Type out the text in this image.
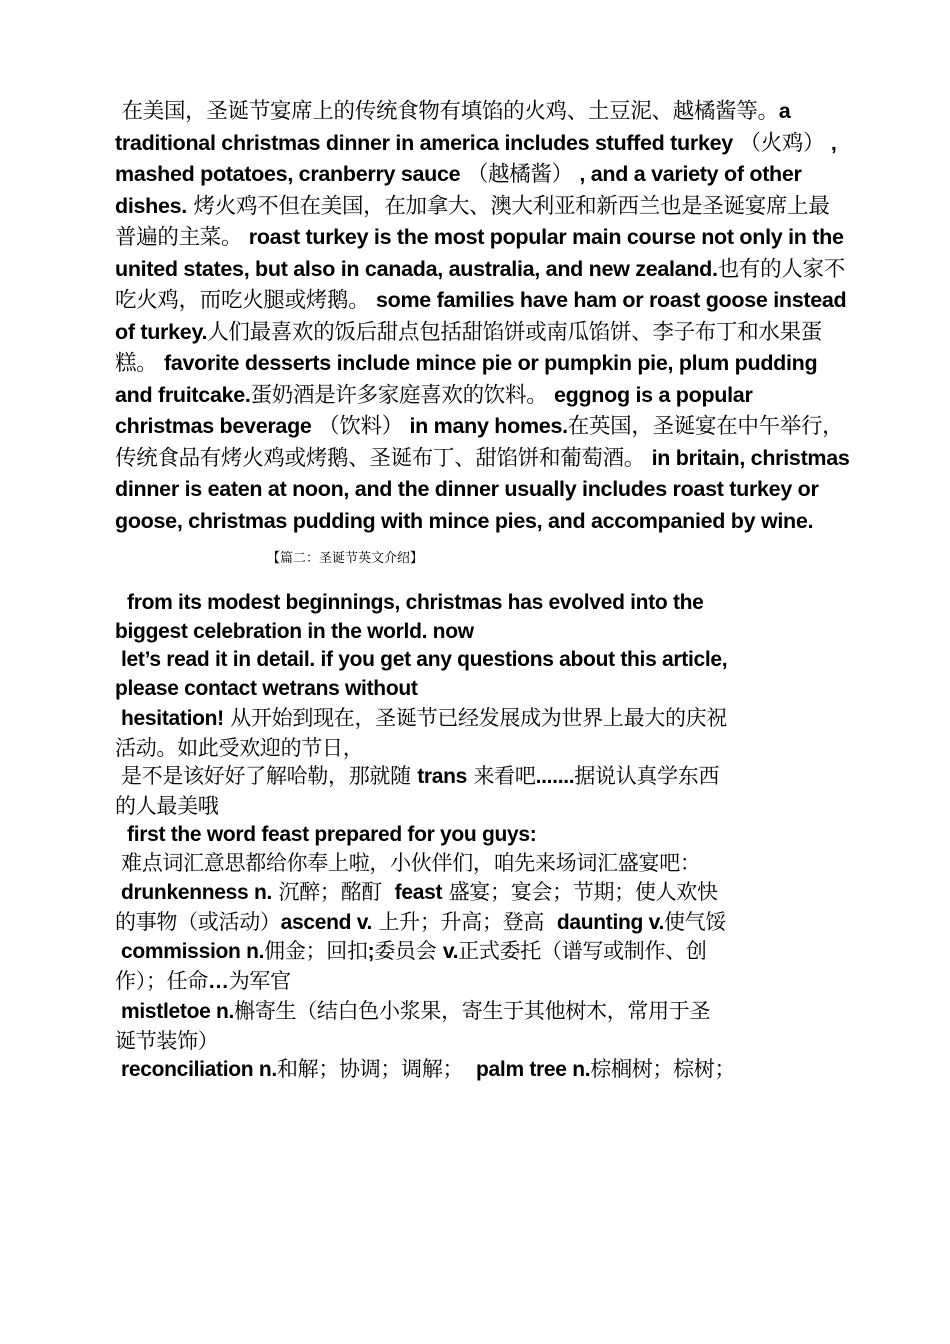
在美国，圣诞节宴席上的传统食物有填馅的火鸡、土豆泥、越橘酱等。a traditional christmas dinner in america includes stuffed turkey （火鸡） , mashed potatoes, cranberry sauce （越橘酱） , and a variety of other dishes. 烤火鸡不但在美国，在加拿大、澳大利亚和新西兰也是圣诞宴席上最普遍的主菜。 roast turkey is the most popular main course not only in the united states, but also in canada, australia, and new zealand.也有的人家不吃火鸡，而吃火腿或烤鹅。 some families have ham or roast goose instead of turkey.人们最喜欢的饭后甜点包括甜馅饼或南瓜馅饼、李子布丁和水果蛋糕。 favorite desserts include mince pie or pumpkin pie, plum pudding and fruitcake.蛋奶酒是许多家庭喜欢的饮料。 eggnog is a popular christmas beverage （饮料） in many homes.在英国，圣诞宴在中午举行，传统食品有烤火鸡或烤鹅、圣诞布丁、甜馅饼和葡萄酒。 in britain, christmas dinner is eaten at noon, and the dinner usually includes roast turkey or goose, christmas pudding with mince pies, and accompanied by wine.
【篇二：圣诞节英文介绍】
from its modest beginnings, christmas has evolved into the
biggest celebration in the world. now
let’s read it in detail. if you get any questions about this article,
please contact wetrans without
hesitation! 从开始到现在，圣诞节已经发展成为世界上最大的庆祝
活动。如此受欢迎的节日，
是不是该好好了解哈勒，那就随 trans 来看吧.......据说认真学东西
的人最美哦
first the word feast prepared for you guys:
难点词汇意思都给你奉上啦，小伙伴们，咱先来场词汇盛宴吧：
drunkenness n. 沉醉；酩酊 feast 盛宴；宴会；节期；使人欢快
的事物（或活动）ascend v. 上升；升高；登高 daunting v.使气馁
commission n.佣金；回扣;委员会 v.正式委托（谱写或制作、创
作）；任命…为军官
mistletoe n.槲寄生（结白色小浆果，寄生于其他树木，常用于圣
诞节装饰）
reconciliation n.和解；协调；调解； palm tree n.棕榈树；棕树；
